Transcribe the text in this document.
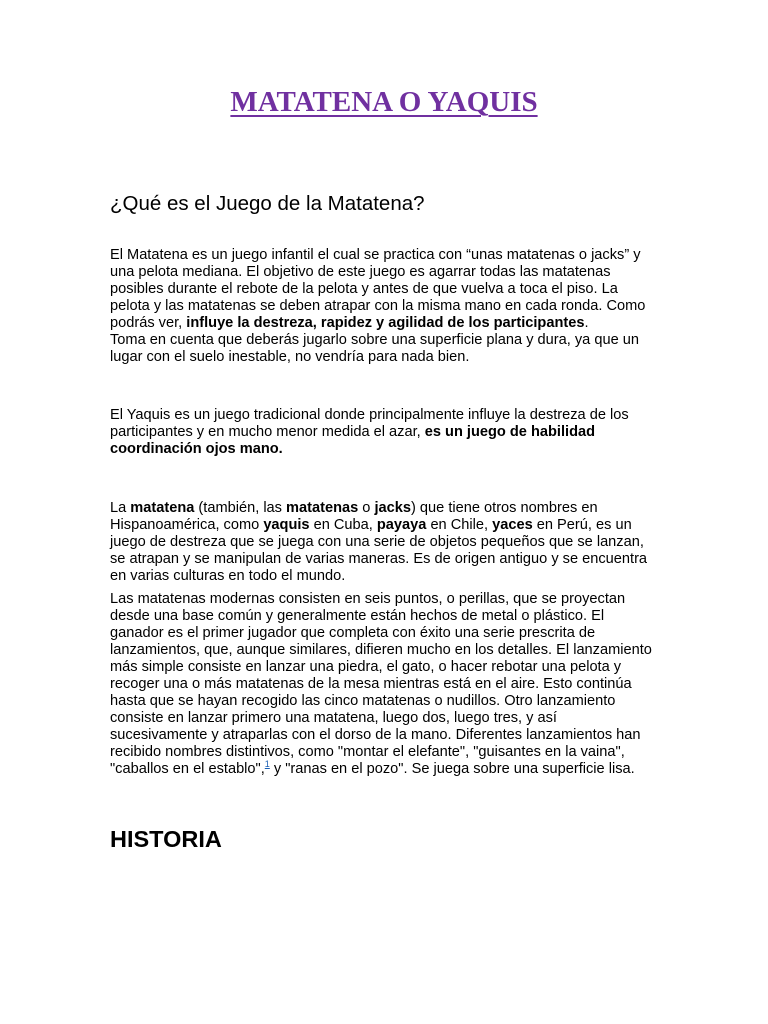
MATATENA O YAQUIS
¿Qué es el Juego de la Matatena?

El Matatena es un juego infantil el cual se practica con “unas matatenas o jacks” y una pelota mediana. El objetivo de este juego es agarrar todas las matatenas posibles durante el rebote de la pelota y antes de que vuelva a toca el piso. La pelota y las matatenas se deben atrapar con la misma mano en cada ronda. Como podrás ver, influye la destreza, rapidez y agilidad de los participantes.
Toma en cuenta que deberás jugarlo sobre una superficie plana y dura, ya que un lugar con el suelo inestable, no vendría para nada bien.

El Yaquis es un juego tradicional donde principalmente influye la destreza de los participantes y en mucho menor medida el azar, es un juego de habilidad coordinación ojos mano.

La matatena (también, las matatenas o jacks) que tiene otros nombres en Hispanoamérica, como yaquis en Cuba, payaya en Chile, yaces en Perú, es un juego de destreza que se juega con una serie de objetos pequeños que se lanzan, se atrapan y se manipulan de varias maneras. Es de origen antiguo y se encuentra en varias culturas en todo el mundo.

Las matatenas modernas consisten en seis puntos, o perillas, que se proyectan desde una base común y generalmente están hechos de metal o plástico. El ganador es el primer jugador que completa con éxito una serie prescrita de lanzamientos, que, aunque similares, difieren mucho en los detalles. El lanzamiento más simple consiste en lanzar una piedra, el gato, o hacer rebotar una pelota y recoger una o más matatenas de la mesa mientras está en el aire. Esto continúa hasta que se hayan recogido las cinco matatenas o nudillos. Otro lanzamiento consiste en lanzar primero una matatena, luego dos, luego tres, y así sucesivamente y atraparlas con el dorso de la mano. Diferentes lanzamientos han recibido nombres distintivos, como "montar el elefante", "guisantes en la vaina", "caballos en el establo",$^1$ y "ranas en el pozo". Se juega sobre una superficie lisa.

HISTORIA
